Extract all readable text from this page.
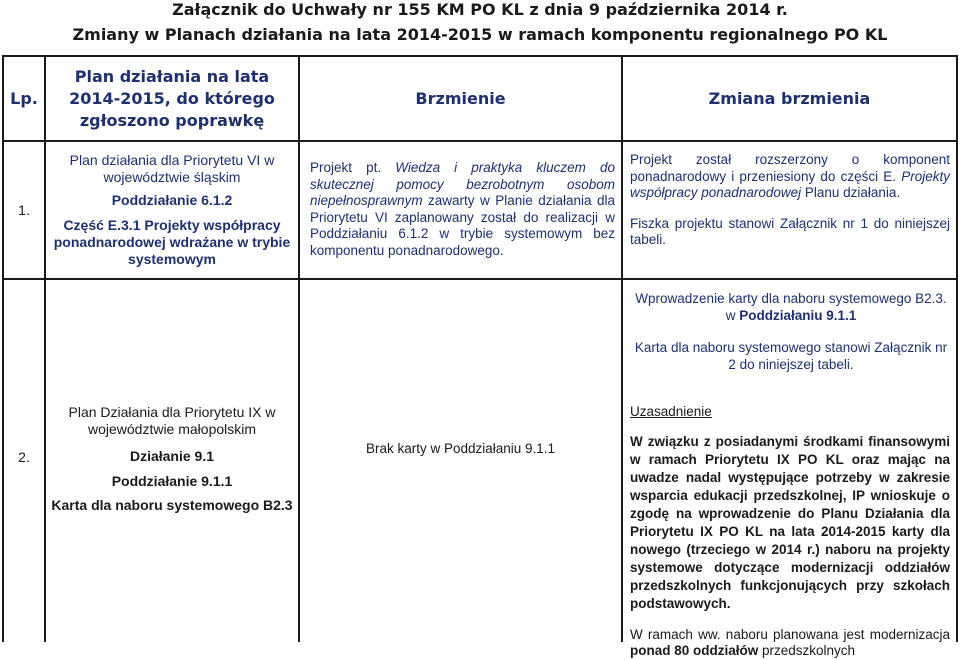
Załącznik do Uchwały nr 155 KM PO KL z dnia 9 października 2014 r.
Zmiany w Planach działania na lata 2014-2015 w ramach komponentu regionalnego PO KL
Lp.
Plan działania na lata 2014-2015, do którego zgłoszono poprawkę
Brzmienie	Zmiana brzmienia
1.

Plan działania dla Priorytetu VI w województwie śląskim

Poddziałanie 6.1.2

Część E.3.1 Projekty współpracy ponadnarodowej wdrażane w trybie systemowym

Projekt pt. Wiedza i praktyka kluczem do skutecznej pomocy bezrobotnym osobom niepełnosprawnym zawarty w Planie działania dla Priorytetu VI zaplanowany został do realizacji w Poddziałaniu 6.1.2 w trybie systemowym bez komponentu ponadnarodowego.

Projekt został rozszerzony o komponent ponadnarodowy i przeniesiony do części E. Projekty współpracy ponadnarodowej Planu działania.

Fiszka projektu stanowi Załącznik nr 1 do niniejszej tabeli.

Wprowadzenie karty dla naboru systemowego B2.3. w Poddziałaniu 9.1.1

Karta dla naboru systemowego stanowi Załącznik nr 2 do niniejszej tabeli.

2.

Plan Działania dla Priorytetu IX w województwie małopolskim

Działanie 9.1

Poddziałanie 9.1.1

Karta dla naboru systemowego B2.3

Brak karty w Poddziałaniu 9.1.1

Uzasadnienie

W związku z posiadanymi środkami finansowymi w ramach Priorytetu IX PO KL oraz mając na uwadze nadal występujące potrzeby w zakresie wsparcia edukacji przedszkolnej, IP wnioskuje o zgodę na wprowadzenie do Planu Działania dla Priorytetu IX PO KL na lata 2014-2015 karty dla nowego (trzeciego w 2014 r.) naboru na projekty systemowe dotyczące modernizacji oddziałów przedszkolnych funkcjonujących przy szkołach podstawowych.

W ramach ww. naboru planowana jest modernizacja ponad 80 oddziałów przedszkolnych
